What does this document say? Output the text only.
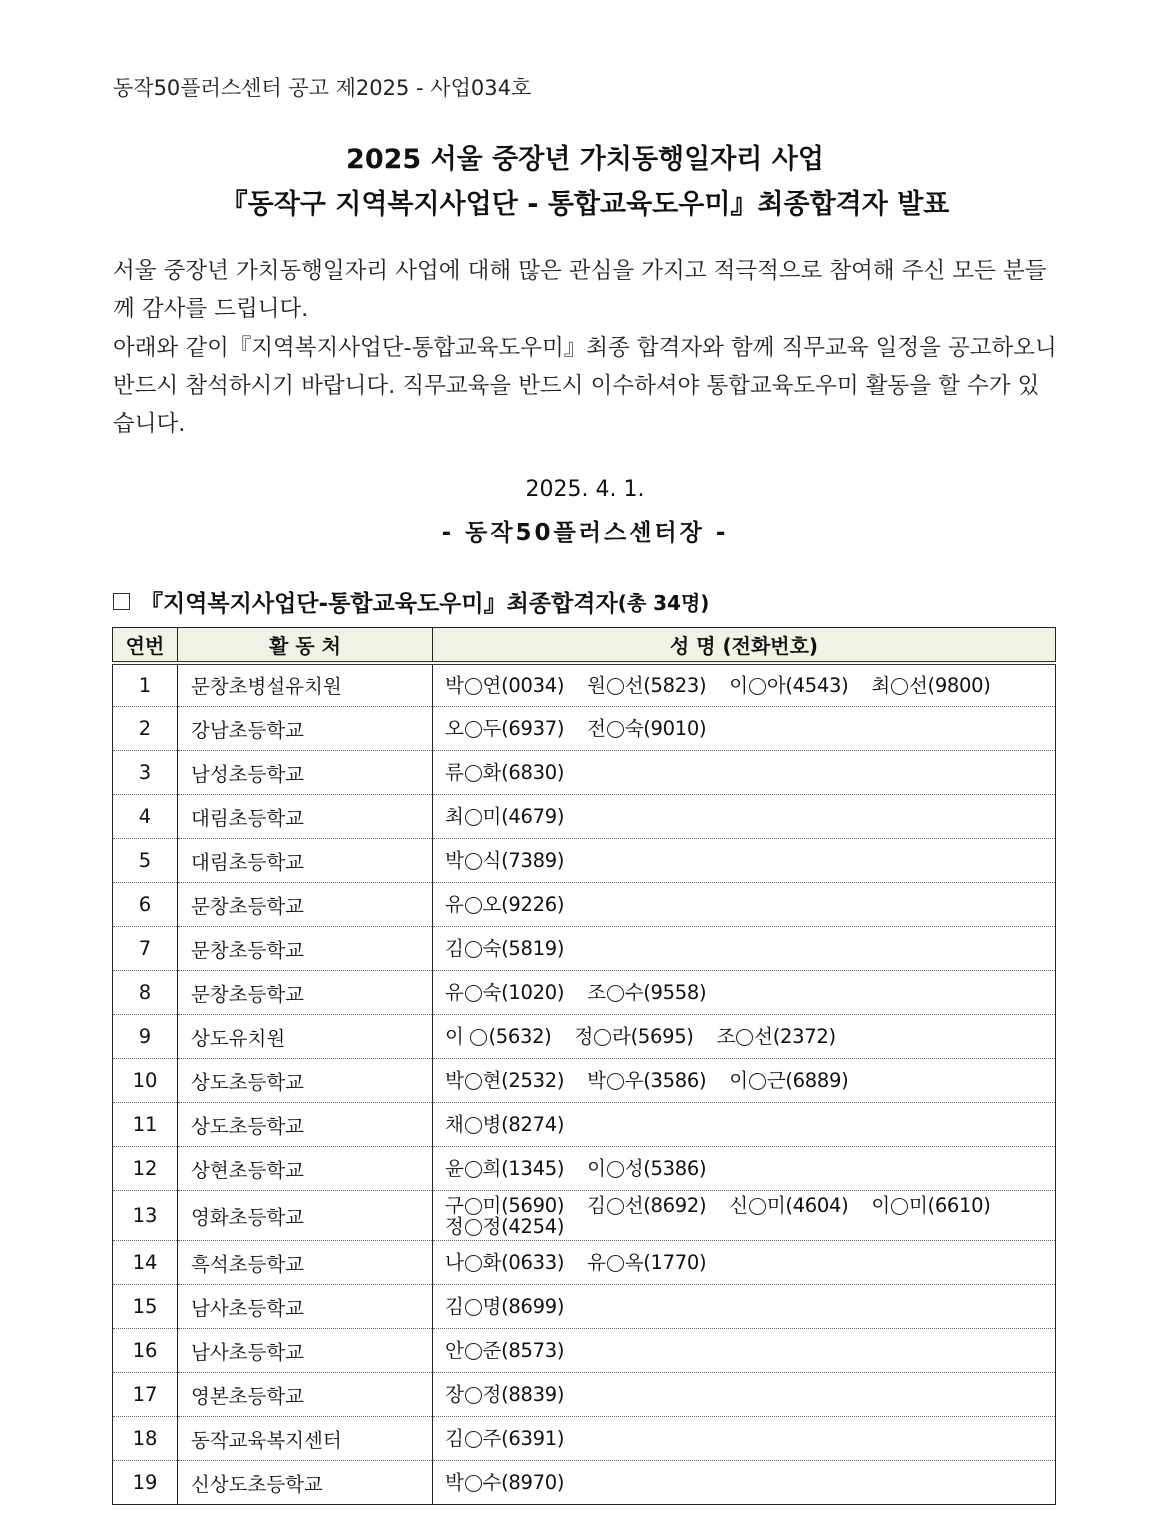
동작50플러스센터 공고 제2025 - 사업034호
2025 서울 중장년 가치동행일자리 사업
『동작구 지역복지사업단 - 통합교육도우미』최종합격자 발표
서울 중장년 가치동행일자리 사업에 대해 많은 관심을 가지고 적극적으로 참여해 주신 모든 분들께 감사를 드립니다.
아래와 같이『지역복지사업단-통합교육도우미』최종 합격자와 함께 직무교육 일정을 공고하오니 반드시 참석하시기 바랍니다. 직무교육을 반드시 이수하셔야 통합교육도우미 활동을 할 수가 있습니다.
2025. 4. 1.
- 동작50플러스센터장 -
『지역복지사업단-통합교육도우미』최종합격자 (총 34명)
연번	활 동 처	성 명 (전화번호)
1	문창초병설유치원	박 연(0034) 원 선(5823) 이 아(4543) 최 선(9800)
2	강남초등학교	오 두(6937) 전 숙(9010)
3	남성초등학교	류 화(6830)
4	대림초등학교	최 미(4679)
5	대림초등학교	박 식(7389)
6	문창초등학교	유 오(9226)
7	문창초등학교	김 숙(5819)
8	문창초등학교	유 숙(1020) 조 수(9558)
9	상도유치원	이 (5632) 정 라(5695) 조 선(2372)
10	상도초등학교	박 현(2532) 박 우(3586) 이 근(6889)
11	상도초등학교	채 병(8274)
12	상현초등학교	윤 희(1345) 이 성(5386)
13	영화초등학교	구 미(5690) 김 선(8692) 신 미(4604) 이 미(6610)
정 정(4254)
14	흑석초등학교	나 화(0633) 유 옥(1770)
15	남사초등학교	김 명(8699)
16	남사초등학교	안 준(8573)
17	영본초등학교	장 정(8839)
18	동작교육복지센터	김 주(6391)
19	신상도초등학교	박 수(8970)
